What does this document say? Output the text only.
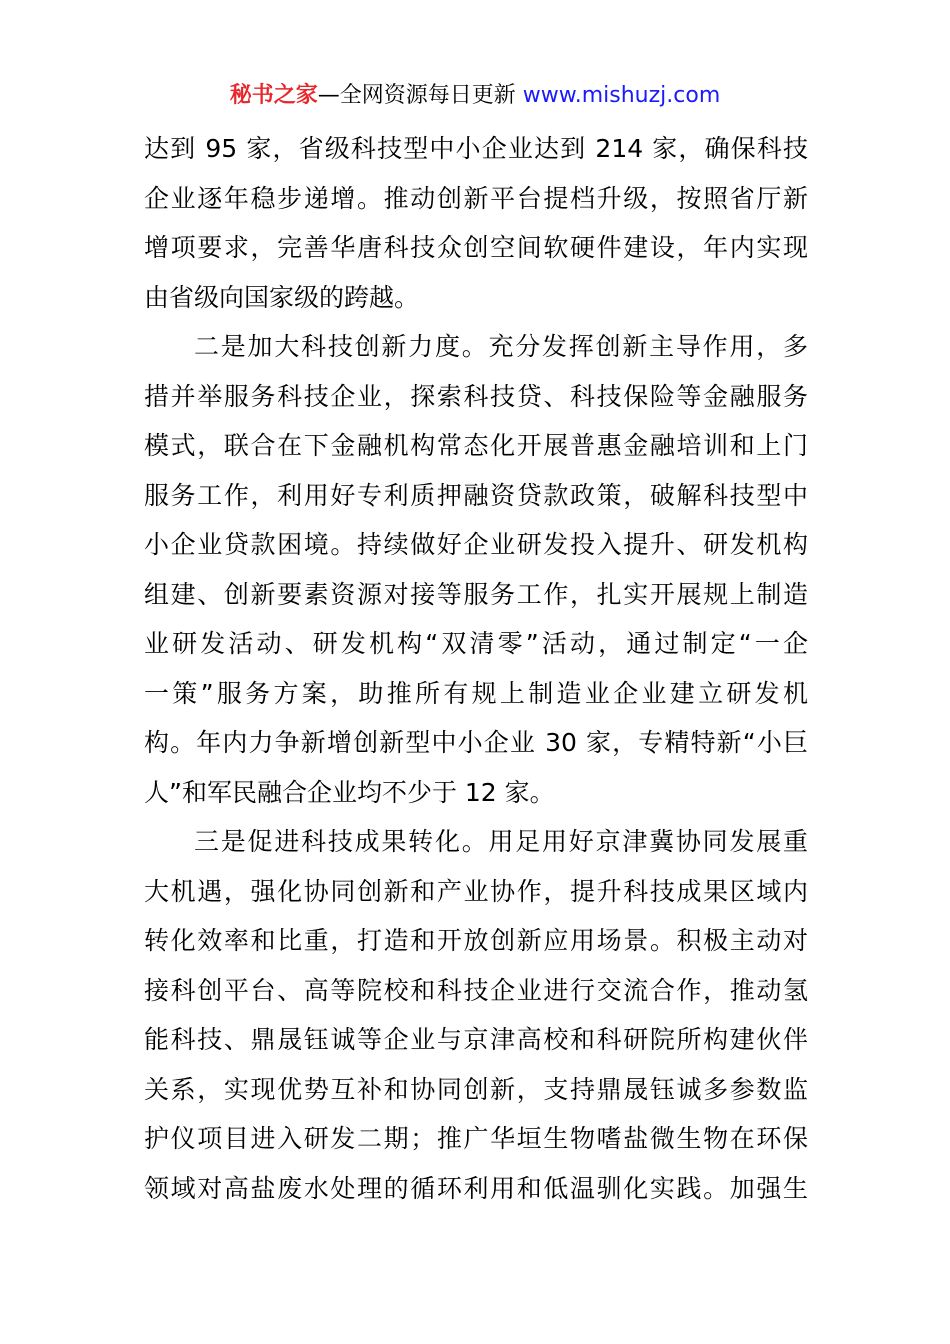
秘书之家—全网资源每日更新 www.mishuzj.com
达到 95 家，省级科技型中小企业达到 214 家，确保科技
企业逐年稳步递增。推动创新平台提档升级，按照省厅新
增项要求，完善华唐科技众创空间软硬件建设，年内实现
由省级向国家级的跨越。
二是加大科技创新力度。充分发挥创新主导作用，多
措并举服务科技企业，探索科技贷、科技保险等金融服务
模式，联合在下金融机构常态化开展普惠金融培训和上门
服务工作，利用好专利质押融资贷款政策，破解科技型中
小企业贷款困境。持续做好企业研发投入提升、研发机构
组建、创新要素资源对接等服务工作，扎实开展规上制造
业研发活动、研发机构“双清零”活动，通过制定“一企
一策”服务方案，助推所有规上制造业企业建立研发机
构。年内力争新增创新型中小企业 30 家，专精特新“小巨
人”和军民融合企业均不少于 12 家。
三是促进科技成果转化。用足用好京津冀协同发展重
大机遇，强化协同创新和产业协作，提升科技成果区域内
转化效率和比重，打造和开放创新应用场景。积极主动对
接科创平台、高等院校和科技企业进行交流合作，推动氢
能科技、鼎晟钰诚等企业与京津高校和科研院所构建伙伴
关系，实现优势互补和协同创新，支持鼎晟钰诚多参数监
护仪项目进入研发二期；推广华垣生物嗜盐微生物在环保
领域对高盐废水处理的循环利用和低温驯化实践。加强生
